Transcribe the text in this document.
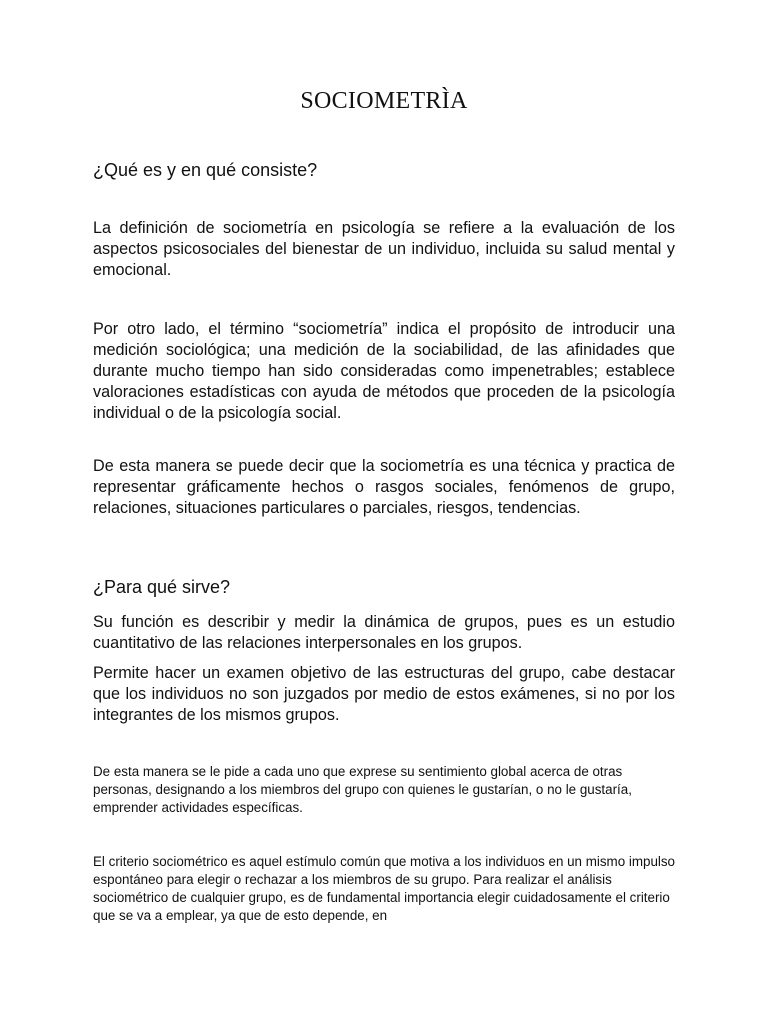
SOCIOMETRÌA
¿Qué es y en qué consiste?

La definición de sociometría en psicología se refiere a la evaluación de los aspectos psicosociales del bienestar de un individuo, incluida su salud mental y emocional.

Por otro lado, el término “sociometría” indica el propósito de introducir una medición sociológica; una medición de la sociabilidad, de las afinidades que durante mucho tiempo han sido consideradas como impenetrables; establece valoraciones estadísticas con ayuda de métodos que proceden de la psicología individual o de la psicología social.

De esta manera se puede decir que la sociometría es una técnica y practica de representar gráficamente hechos o rasgos sociales, fenómenos de grupo, relaciones, situaciones particulares o parciales, riesgos, tendencias.

¿Para qué sirve?

Su función es describir y medir la dinámica de grupos, pues es un estudio cuantitativo de las relaciones interpersonales en los grupos.

Permite hacer un examen objetivo de las estructuras del grupo, cabe destacar que los individuos no son juzgados por medio de estos exámenes, si no por los integrantes de los mismos grupos.

De esta manera se le pide a cada uno que exprese su sentimiento global acerca de otras personas, designando a los miembros del grupo con quienes le gustarían, o no le gustaría, emprender actividades específicas.

El criterio sociométrico es aquel estímulo común que motiva a los individuos en un mismo impulso espontáneo para elegir o rechazar a los miembros de su grupo. Para realizar el análisis sociométrico de cualquier grupo, es de fundamental importancia elegir cuidadosamente el criterio que se va a emplear, ya que de esto depende, en
